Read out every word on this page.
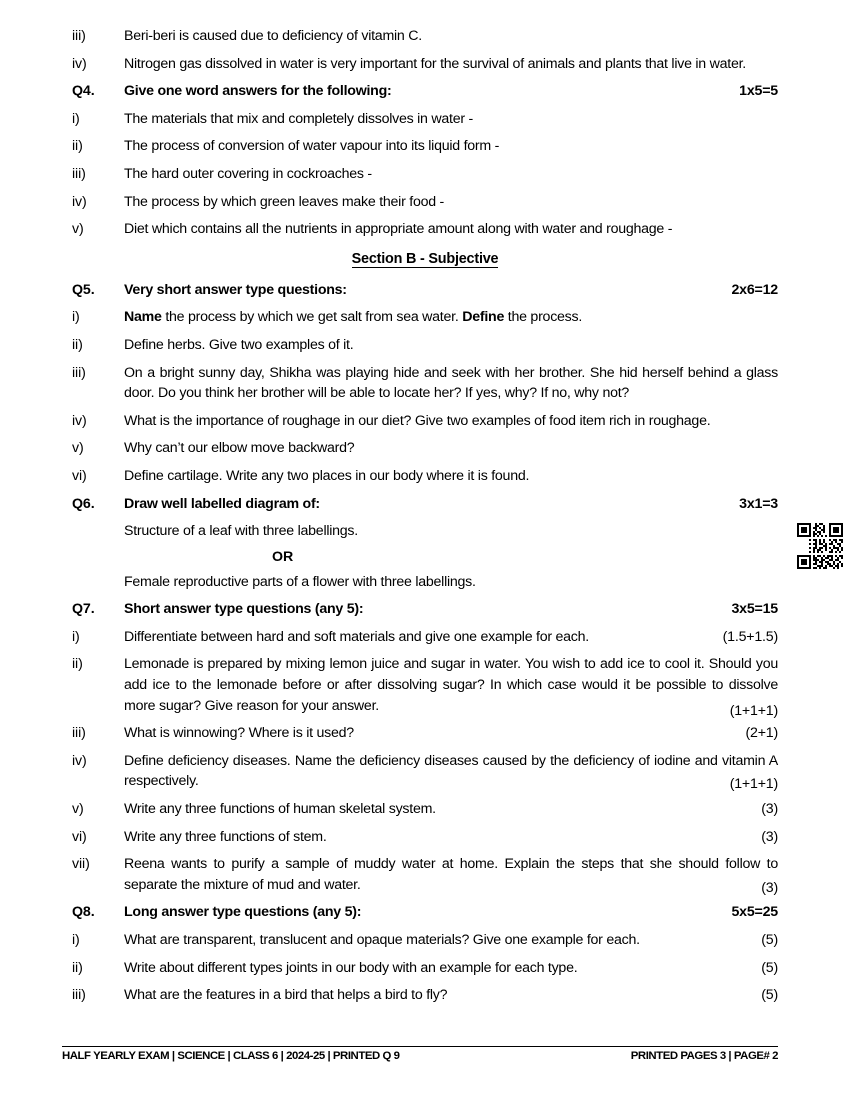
iii)	Beri-beri is caused due to deficiency of vitamin C.
iv)	Nitrogen gas dissolved in water is very important for the survival of animals and plants that live in water.
Q4.	Give one word answers for the following:	1x5=5
i)	The materials that mix and completely dissolves in water -
ii)	The process of conversion of water vapour into its liquid form -
iii)	The hard outer covering in cockroaches -
iv)	The process by which green leaves make their food -
v)	Diet which contains all the nutrients in appropriate amount along with water and roughage -
Section B - Subjective
Q5.	Very short answer type questions:	2x6=12
i)	Name the process by which we get salt from sea water. Define the process.
ii)	Define herbs. Give two examples of it.
iii)	On a bright sunny day, Shikha was playing hide and seek with her brother. She hid herself behind a glass door. Do you think her brother will be able to locate her? If yes, why? If no, why not?
iv)	What is the importance of roughage in our diet? Give two examples of food item rich in roughage.
v)	Why can’t our elbow move backward?
vi)	Define cartilage. Write any two places in our body where it is found.
Q6.	Draw well labelled diagram of:	3x1=3
Structure of a leaf with three labellings.
OR
Female reproductive parts of a flower with three labellings.
Q7.	Short answer type questions (any 5):	3x5=15
i)	Differentiate between hard and soft materials and give one example for each.	(1.5+1.5)
ii)	Lemonade is prepared by mixing lemon juice and sugar in water. You wish to add ice to cool it. Should you add ice to the lemonade before or after dissolving sugar? In which case would it be possible to dissolve more sugar? Give reason for your answer.	(1+1+1)
iii)	What is winnowing? Where is it used?	(2+1)
iv)	Define deficiency diseases. Name the deficiency diseases caused by the deficiency of iodine and vitamin A respectively.	(1+1+1)
v)	Write any three functions of human skeletal system.	(3)
vi)	Write any three functions of stem.	(3)
vii)	Reena wants to purify a sample of muddy water at home. Explain the steps that she should follow to separate the mixture of mud and water.	(3)
Q8.	Long answer type questions (any 5):	5x5=25
i)	What are transparent, translucent and opaque materials? Give one example for each.	(5)
ii)	Write about different types joints in our body with an example for each type.	(5)
iii)	What are the features in a bird that helps a bird to fly?	(5)
HALF YEARLY EXAM | SCIENCE | CLASS 6 | 2024-25 | PRINTED Q 9	PRINTED PAGES 3 | PAGE# 2
